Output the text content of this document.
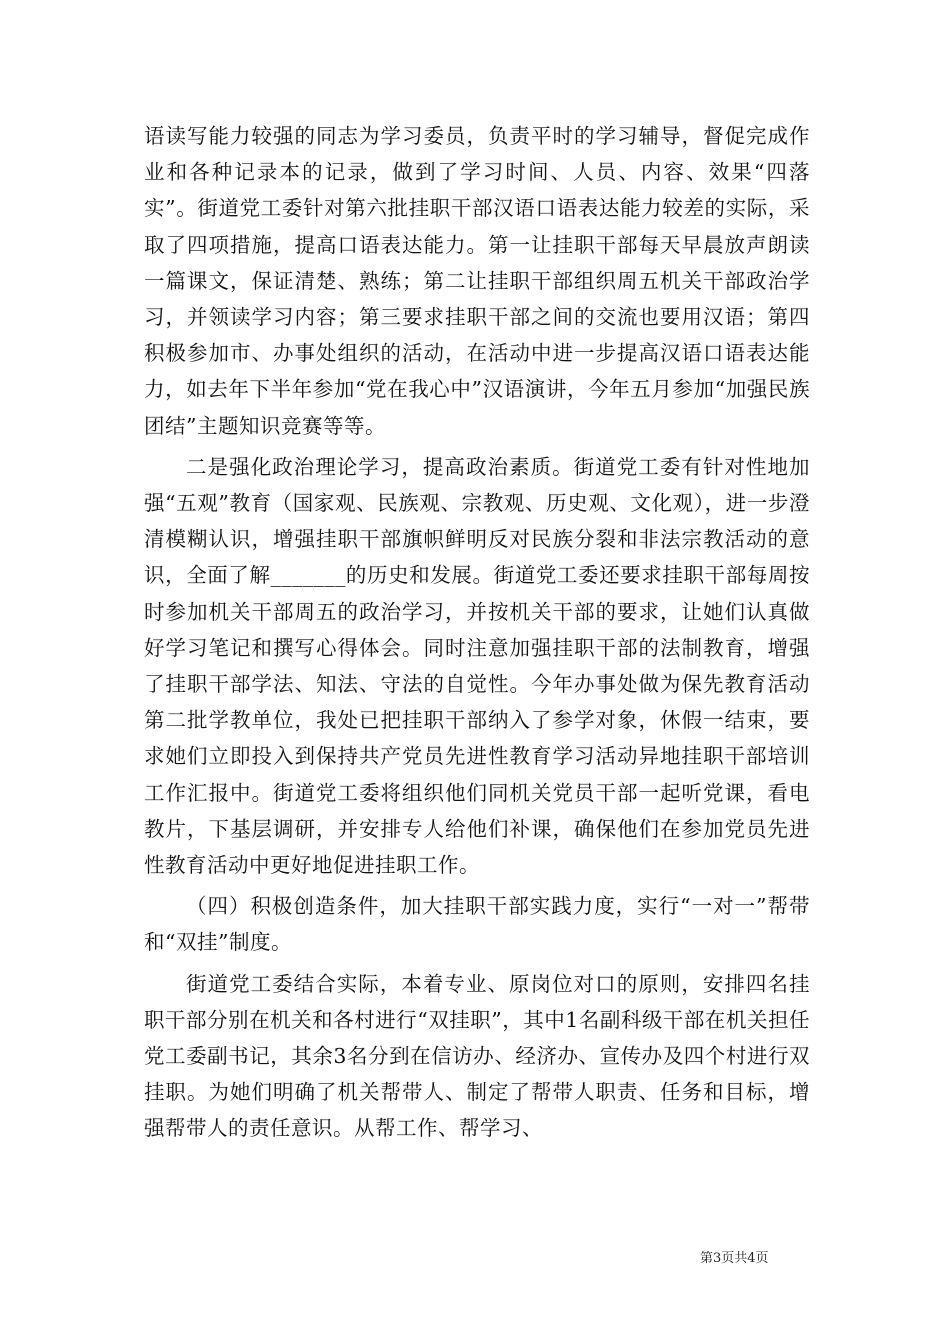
语读写能力较强的同志为学习委员，负责平时的学习辅导，督促完成作业和各种记录本的记录，做到了学习时间、人员、内容、效果“四落实”。街道党工委针对第六批挂职干部汉语口语表达能力较差的实际，采取了四项措施，提高口语表达能力。第一让挂职干部每天早晨放声朗读一篇课文，保证清楚、熟练；第二让挂职干部组织周五机关干部政治学习，并领读学习内容；第三要求挂职干部之间的交流也要用汉语；第四积极参加市、办事处组织的活动，在活动中进一步提高汉语口语表达能力，如去年下半年参加“党在我心中”汉语演讲，今年五月参加“加强民族团结”主题知识竞赛等等。

二是强化政治理论学习，提高政治素质。街道党工委有针对性地加强“五观”教育（国家观、民族观、宗教观、历史观、文化观），进一步澄清模糊认识，增强挂职干部旗帜鲜明反对民族分裂和非法宗教活动的意识，全面了解_______的历史和发展。街道党工委还要求挂职干部每周按时参加机关干部周五的政治学习，并按机关干部的要求，让她们认真做好学习笔记和撰写心得体会。同时注意加强挂职干部的法制教育，增强了挂职干部学法、知法、守法的自觉性。今年办事处做为保先教育活动第二批学教单位，我处已把挂职干部纳入了参学对象，休假一结束，要求她们立即投入到保持共产党员先进性教育学习活动异地挂职干部培训工作汇报中。街道党工委将组织他们同机关党员干部一起听党课，看电教片，下基层调研，并安排专人给他们补课，确保他们在参加党员先进性教育活动中更好地促进挂职工作。

（四）积极创造条件，加大挂职干部实践力度，实行“一对一”帮带和“双挂”制度。

街道党工委结合实际，本着专业、原岗位对口的原则，安排四名挂职干部分别在机关和各村进行“双挂职”，其中1名副科级干部在机关担任党工委副书记，其余3名分到在信访办、经济办、宣传办及四个村进行双挂职。为她们明确了机关帮带人、制定了帮带人职责、任务和目标，增强帮带人的责任意识。从帮工作、帮学习、

第3页共4页
